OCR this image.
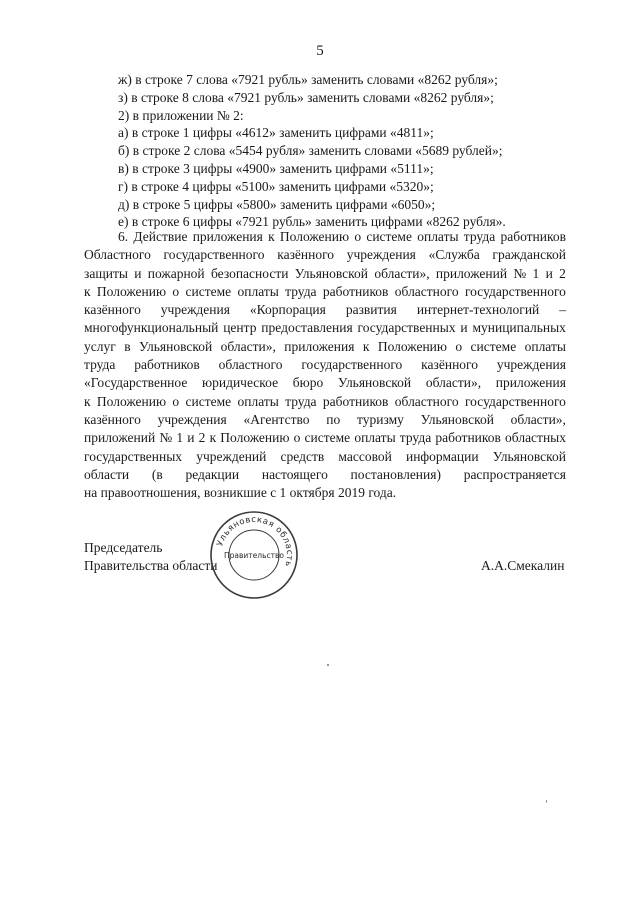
5
ж) в строке 7 слова «7921 рубль» заменить словами «8262 рубля»;
з) в строке 8 слова «7921 рубль» заменить словами «8262 рубля»;
2) в приложении № 2:
а) в строке 1 цифры «4612» заменить цифрами «4811»;
б) в строке 2 слова «5454 рубля» заменить словами «5689 рублей»;
в) в строке 3 цифры «4900» заменить цифрами «5111»;
г) в строке 4 цифры «5100» заменить цифрами «5320»;
д) в строке 5 цифры «5800» заменить цифрами «6050»;
е) в строке 6 цифры «7921 рубль» заменить цифрами «8262 рубля».
6. Действие приложения к Положению о системе оплаты труда работников
Областного государственного казённого учреждения «Служба гражданской
защиты и пожарной безопасности Ульяновской области», приложений № 1 и 2
к Положению о системе оплаты труда работников областного государственного
казённого учреждения «Корпорация развития интернет-технологий –
многофункциональный центр предоставления государственных и муниципальных
услуг в Ульяновской области», приложения к Положению о системе оплаты
труда работников областного государственного казённого учреждения
«Государственное юридическое бюро Ульяновской области», приложения
к Положению о системе оплаты труда работников областного государственного
казённого учреждения «Агентство по туризму Ульяновской области»,
приложений № 1 и 2 к Положению о системе оплаты труда работников областных
государственных учреждений средств массовой информации Ульяновской
области (в редакции настоящего постановления) распространяется
на правоотношения, возникшие с 1 октября 2019 года.
Председатель
Правительства области
Ульяновская область
Правительство
А.А.Смекалин
